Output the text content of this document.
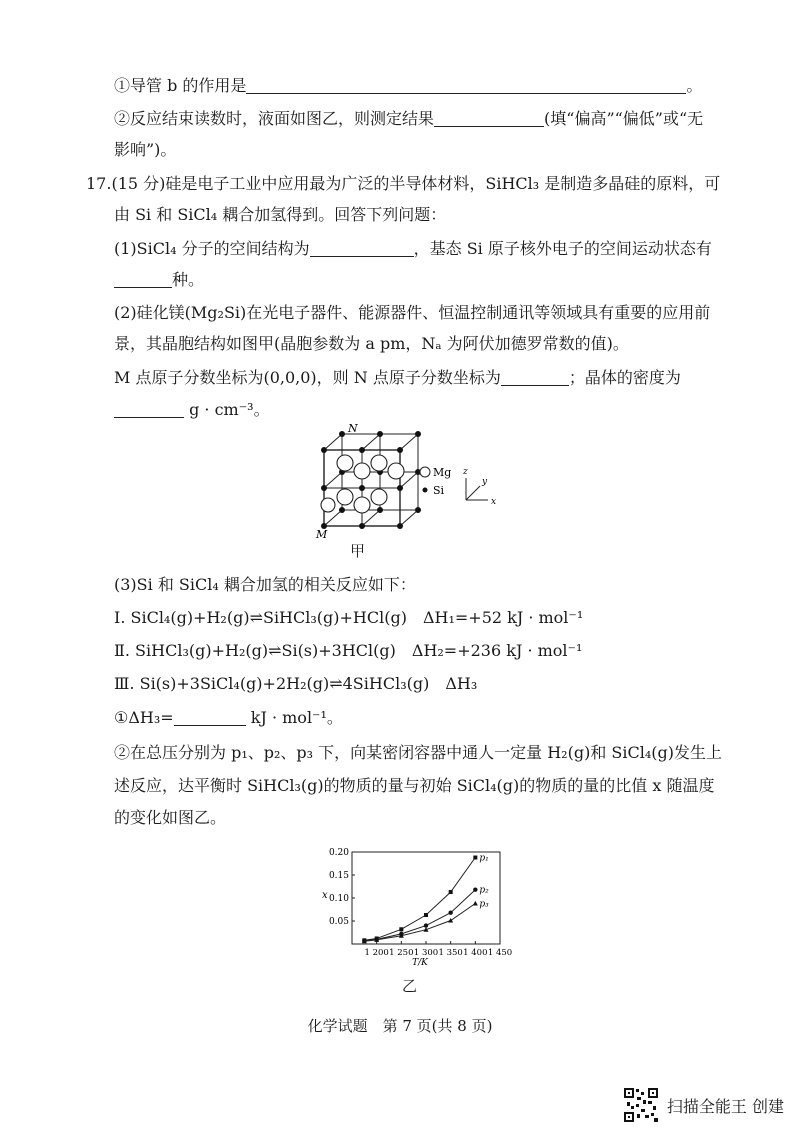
①导管 b 的作用是	。
②反应结束读数时，液面如图乙，则测定结果	(填“偏高”“偏低”或“无
影响”)。
17.(15 分)硅是电子工业中应用最为广泛的半导体材料，SiHCl₃ 是制造多晶硅的原料，可
由 Si 和 SiCl₄ 耦合加氢得到。回答下列问题：
(1)SiCl₄ 分子的空间结构为	，基态 Si 原子核外电子的空间运动状态有
种。
(2)硅化镁(Mg₂Si)在光电子器件、能源器件、恒温控制通讯等领域具有重要的应用前
景，其晶胞结构如图甲(晶胞参数为 a pm，Nₐ 为阿伏加德罗常数的值)。
M 点原子分数坐标为(0,0,0)，则 N 点原子分数坐标为	；晶体的密度为
g · cm⁻³。
N
M
Mg
Si
z
y
x
甲
(3)Si 和 SiCl₄ 耦合加氢的相关反应如下：
Ⅰ. SiCl₄(g)+H₂(g)⇌SiHCl₃(g)+HCl(g)　ΔH₁=+52 kJ · mol⁻¹
Ⅱ. SiHCl₃(g)+H₂(g)⇌Si(s)+3HCl(g)　ΔH₂=+236 kJ · mol⁻¹
Ⅲ. Si(s)+3SiCl₄(g)+2H₂(g)⇌4SiHCl₃(g)　ΔH₃
①ΔH₃=	kJ · mol⁻¹。
②在总压分别为 p₁、p₂、p₃ 下，向某密闭容器中通人一定量 H₂(g)和 SiCl₄(g)发生上
述反应，达平衡时 SiHCl₃(g)的物质的量与初始 SiCl₄(g)的物质的量的比值 x 随温度
的变化如图乙。
0.05
0.10
0.15
0.20
1 200 1 250 1 300 1 350 1 400 1 450
T/K
x
p₁
p₂
p₃
乙
化学试题　第 7 页(共 8 页)
扫描全能王 创建
